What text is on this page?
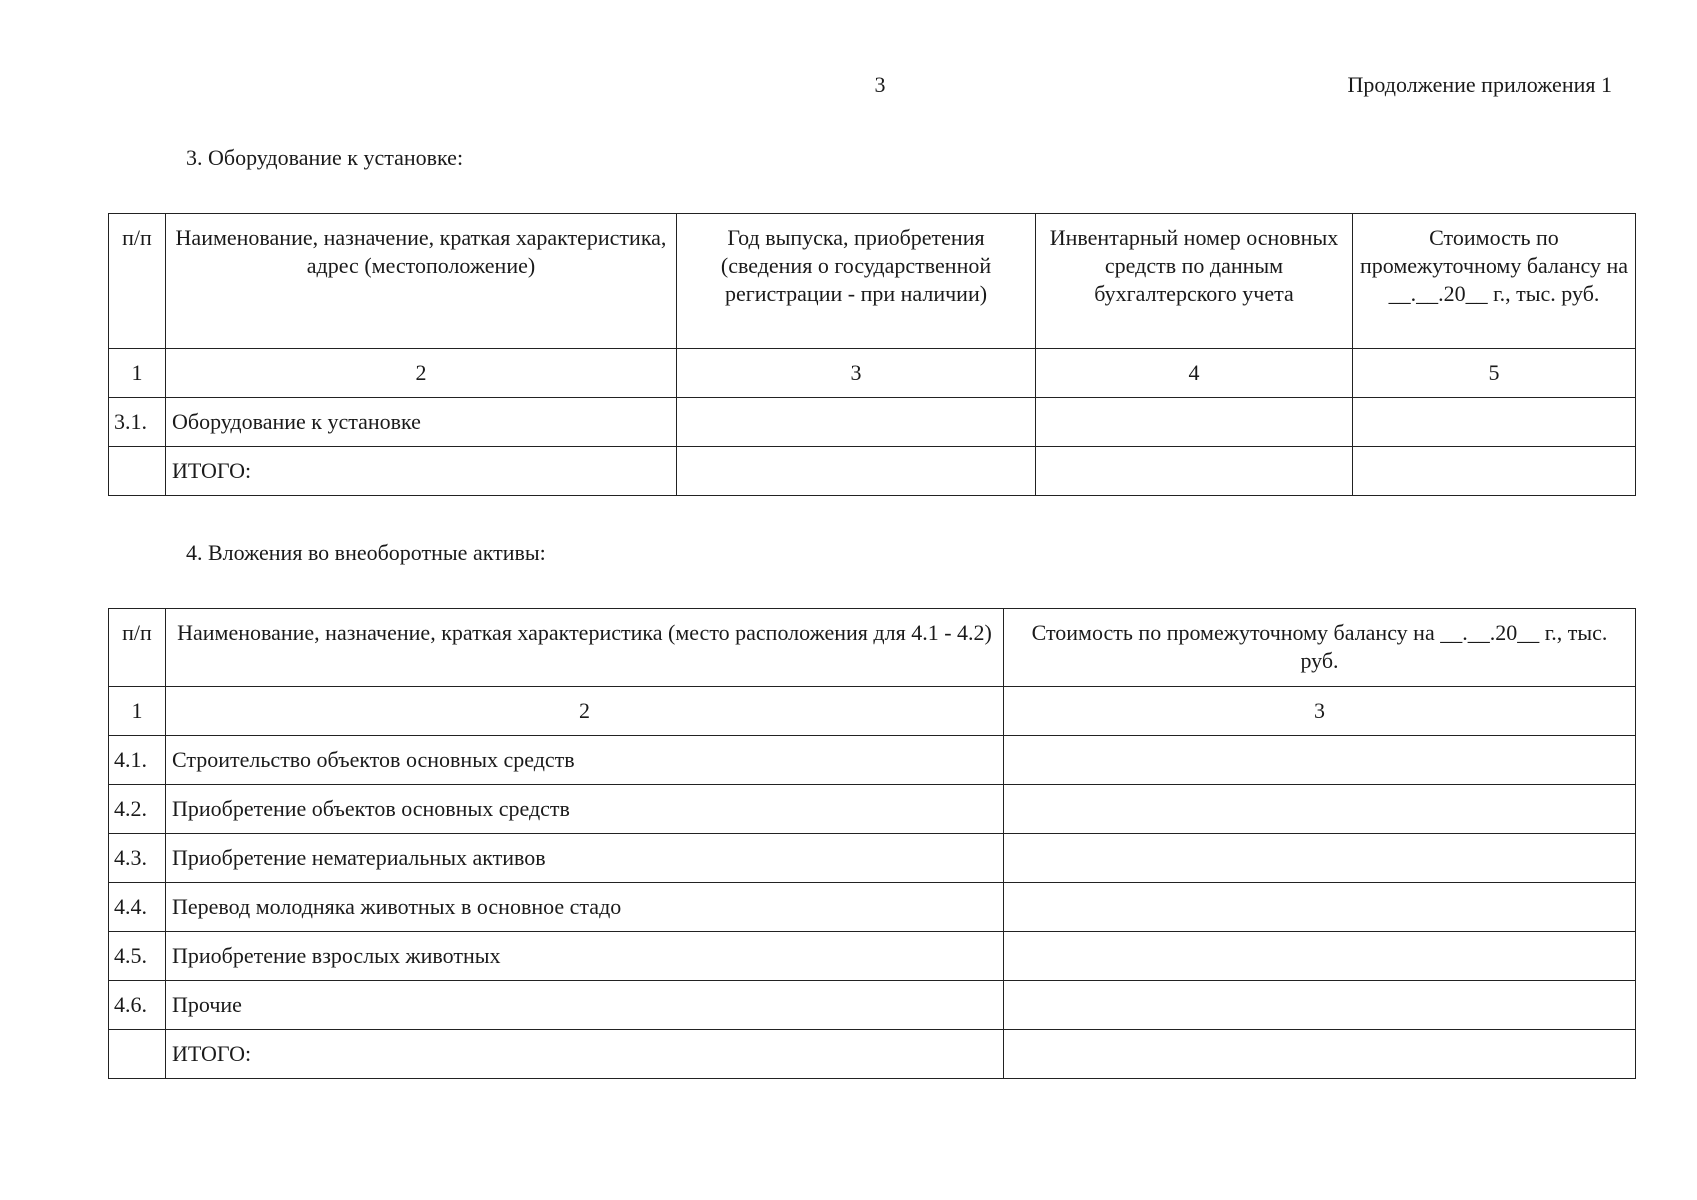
3	Продолжение приложения 1
3. Оборудование к установке:
п/п	Наименование, назначение, краткая характеристика, адрес (местоположение)	Год выпуска, приобретения (сведения о государственной регистрации - при наличии)	Инвентарный номер основных средств по данным бухгалтерского учета	Стоимость по промежуточному балансу на __.__.20__ г., тыс. руб.
1	2	3	4	5
3.1.	Оборудование к установке			
	ИТОГО:			
4. Вложения во внеоборотные активы:
п/п	Наименование, назначение, краткая характеристика (место расположения для 4.1 - 4.2)	Стоимость по промежуточному балансу на __.__.20__ г., тыс. руб.
1	2	3
4.1.	Строительство объектов основных средств	
4.2.	Приобретение объектов основных средств	
4.3.	Приобретение нематериальных активов	
4.4.	Перевод молодняка животных в основное стадо	
4.5.	Приобретение взрослых животных	
4.6.	Прочие	
	ИТОГО:	
